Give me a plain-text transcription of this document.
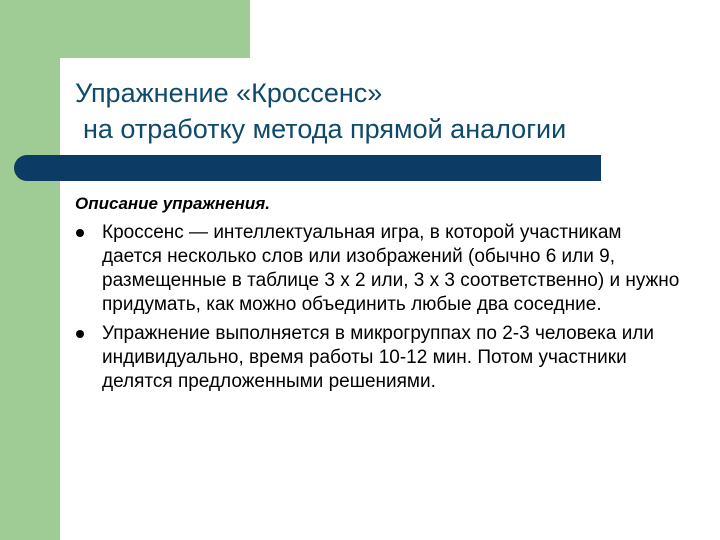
Упражнение «Кроссенс»
на отработку метода прямой аналогии
Описание упражнения.
Кроссенс — интеллектуальная игра, в которой участникам дается несколько слов или изображений (обычно 6 или 9, размещенные в таблице 3 х 2 или, 3 х 3 соответственно) и нужно придумать, как можно объединить любые два соседние.
Упражнение выполняется в микрогруппах по 2-3 человека или индивидуально, время работы 10-12 мин. Потом участники делятся предложенными решениями.
